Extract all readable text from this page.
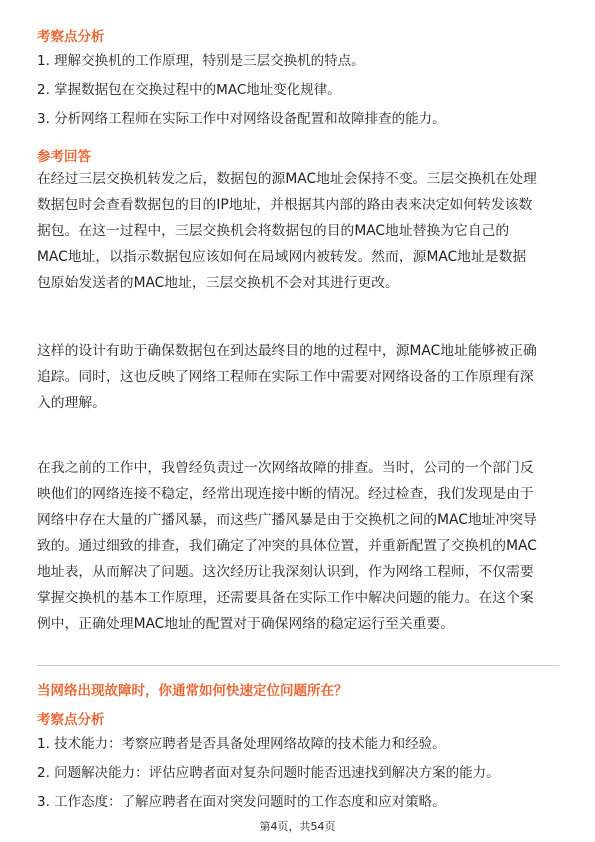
考察点分析
1. 理解交换机的工作原理，特别是三层交换机的特点。
2. 掌握数据包在交换过程中的MAC地址变化规律。
3. 分析网络工程师在实际工作中对网络设备配置和故障排查的能力。
参考回答
在经过三层交换机转发之后，数据包的源MAC地址会保持不变。三层交换机在处理
数据包时会查看数据包的目的IP地址，并根据其内部的路由表来决定如何转发该数
据包。在这一过程中，三层交换机会将数据包的目的MAC地址替换为它自己的
MAC地址，以指示数据包应该如何在局域网内被转发。然而，源MAC地址是数据
包原始发送者的MAC地址，三层交换机不会对其进行更改。
这样的设计有助于确保数据包在到达最终目的地的过程中，源MAC地址能够被正确
追踪。同时，这也反映了网络工程师在实际工作中需要对网络设备的工作原理有深
入的理解。
在我之前的工作中，我曾经负责过一次网络故障的排查。当时，公司的一个部门反
映他们的网络连接不稳定，经常出现连接中断的情况。经过检查，我们发现是由于
网络中存在大量的广播风暴，而这些广播风暴是由于交换机之间的MAC地址冲突导
致的。通过细致的排查，我们确定了冲突的具体位置，并重新配置了交换机的MAC
地址表，从而解决了问题。这次经历让我深刻认识到，作为网络工程师，不仅需要
掌握交换机的基本工作原理，还需要具备在实际工作中解决问题的能力。在这个案
例中，正确处理MAC地址的配置对于确保网络的稳定运行至关重要。
当网络出现故障时，你通常如何快速定位问题所在？
考察点分析
1. 技术能力：考察应聘者是否具备处理网络故障的技术能力和经验。
2. 问题解决能力：评估应聘者面对复杂问题时能否迅速找到解决方案的能力。
3. 工作态度：了解应聘者在面对突发问题时的工作态度和应对策略。
第4页，共54页
